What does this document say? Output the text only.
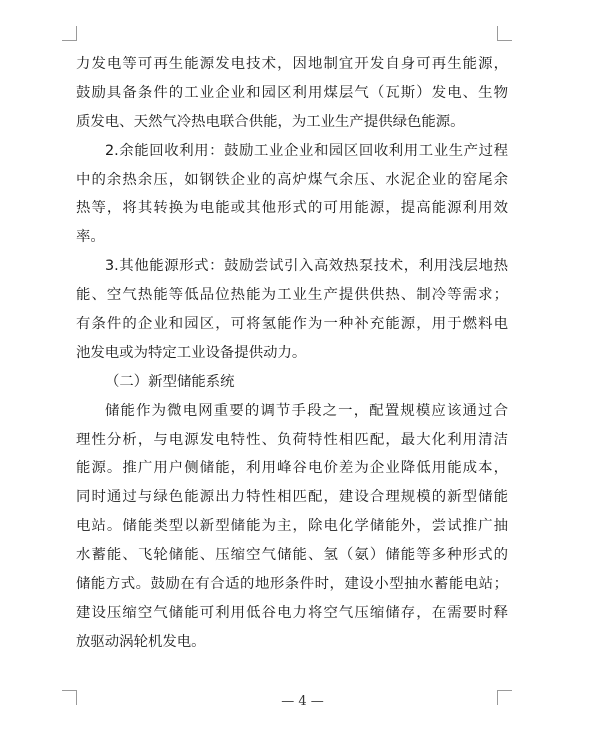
力发电等可再生能源发电技术，因地制宜开发自身可再生能源，
鼓励具备条件的工业企业和园区利用煤层气（瓦斯）发电、生物
质发电、天然气冷热电联合供能，为工业生产提供绿色能源。
2.余能回收利用：鼓励工业企业和园区回收利用工业生产过程
中的余热余压，如钢铁企业的高炉煤气余压、水泥企业的窑尾余
热等，将其转换为电能或其他形式的可用能源，提高能源利用效
率。
3.其他能源形式：鼓励尝试引入高效热泵技术，利用浅层地热
能、空气热能等低品位热能为工业生产提供供热、制冷等需求；
有条件的企业和园区，可将氢能作为一种补充能源，用于燃料电
池发电或为特定工业设备提供动力。
（二）新型储能系统
储能作为微电网重要的调节手段之一，配置规模应该通过合
理性分析，与电源发电特性、负荷特性相匹配，最大化利用清洁
能源。推广用户侧储能，利用峰谷电价差为企业降低用能成本，
同时通过与绿色能源出力特性相匹配，建设合理规模的新型储能
电站。储能类型以新型储能为主，除电化学储能外，尝试推广抽
水蓄能、飞轮储能、压缩空气储能、氢（氨）储能等多种形式的
储能方式。鼓励在有合适的地形条件时，建设小型抽水蓄能电站；
建设压缩空气储能可利用低谷电力将空气压缩储存，在需要时释
放驱动涡轮机发电。
— 4 —
